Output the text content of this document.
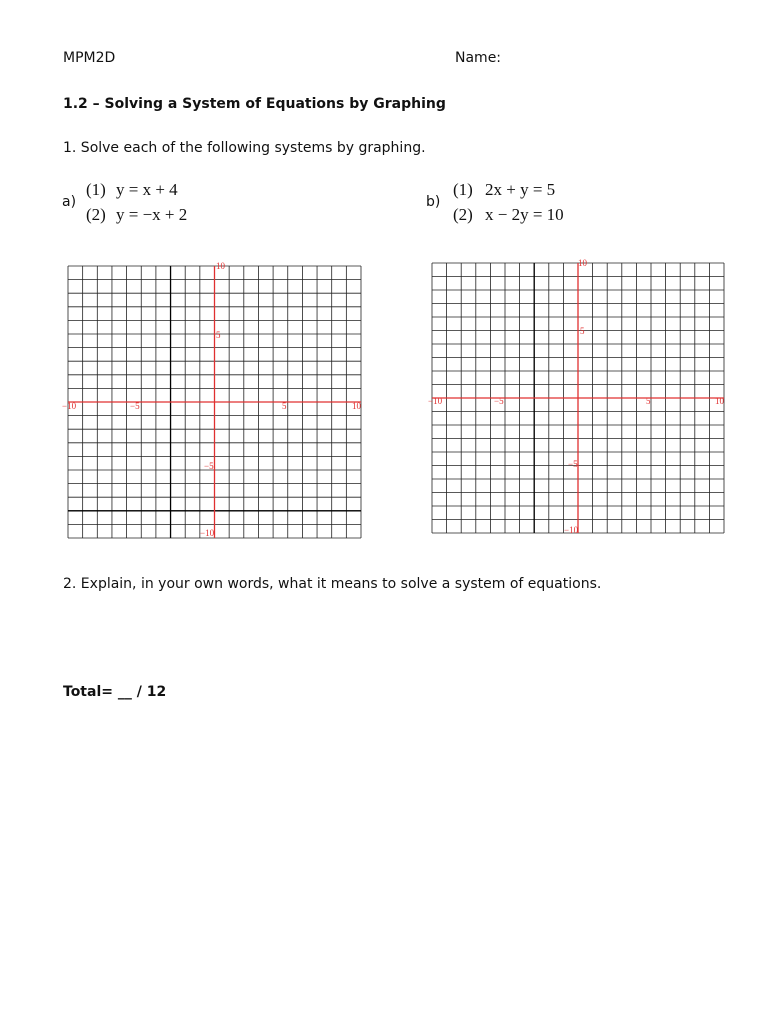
MPM2D	Name:
1.2 – Solving a System of Equations by Graphing
1. Solve each of the following systems by graphing.
a)
(1) y = x + 4
(2) y = −x + 2
b)
(1) 2x + y = 5
(2) x − 2y = 10
10
5
−5
−10
−10	−5	5	10
10
5
−5
−10
−10	−5	5	10
2. Explain, in your own words, what it means to solve a system of equations.
Total= __ / 12
